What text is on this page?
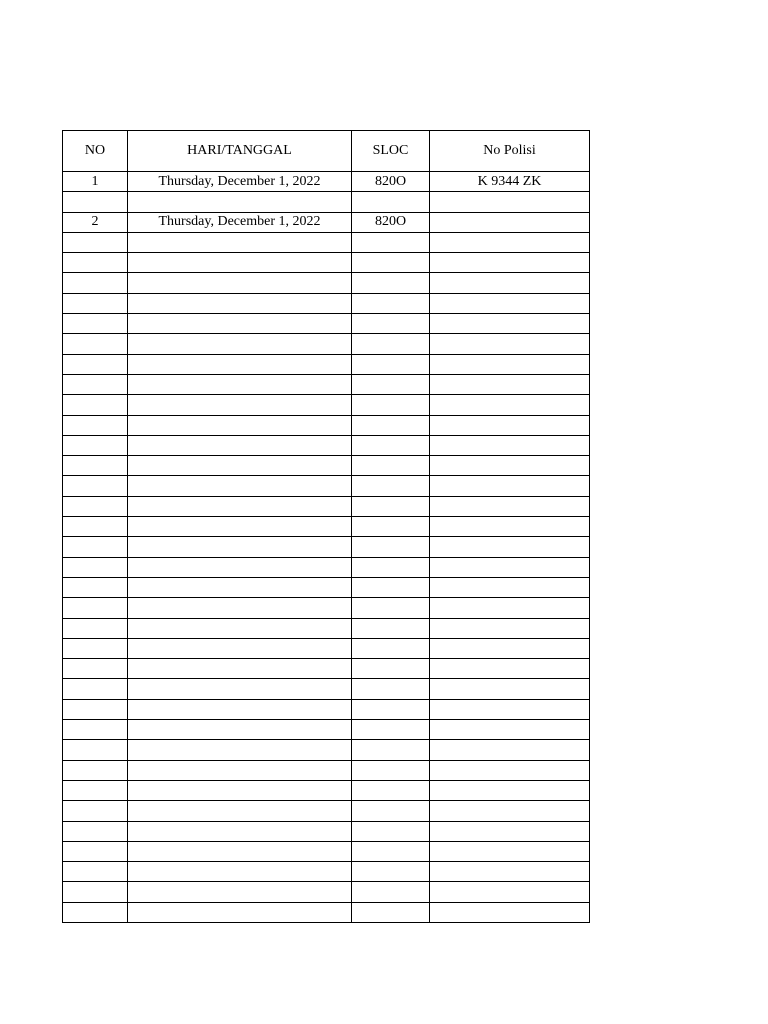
NO	HARI/TANGGAL	SLOC	No Polisi
1	Thursday, December 1, 2022	820O	K 9344 ZK

2	Thursday, December 1, 2022	820O	
